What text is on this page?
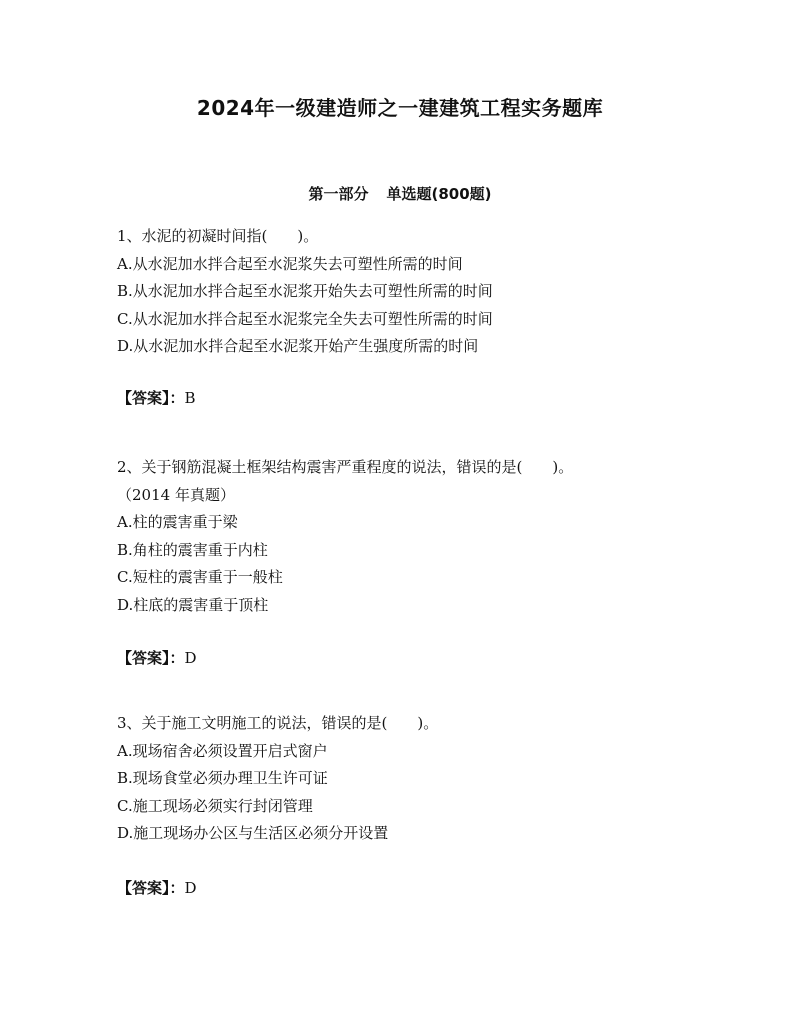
2024年一级建造师之一建建筑工程实务题库
第一部分 单选题(800题)
1、水泥的初凝时间指(　　)。
A.从水泥加水拌合起至水泥浆失去可塑性所需的时间
B.从水泥加水拌合起至水泥浆开始失去可塑性所需的时间
C.从水泥加水拌合起至水泥浆完全失去可塑性所需的时间
D.从水泥加水拌合起至水泥浆开始产生强度所需的时间
【答案】：B
2、关于钢筋混凝土框架结构震害严重程度的说法，错误的是(　　)。
（2014 年真题）
A.柱的震害重于梁
B.角柱的震害重于内柱
C.短柱的震害重于一般柱
D.柱底的震害重于顶柱
【答案】：D
3、关于施工文明施工的说法，错误的是(　　)。
A.现场宿舍必须设置开启式窗户
B.现场食堂必须办理卫生许可证
C.施工现场必须实行封闭管理
D.施工现场办公区与生活区必须分开设置
【答案】：D
